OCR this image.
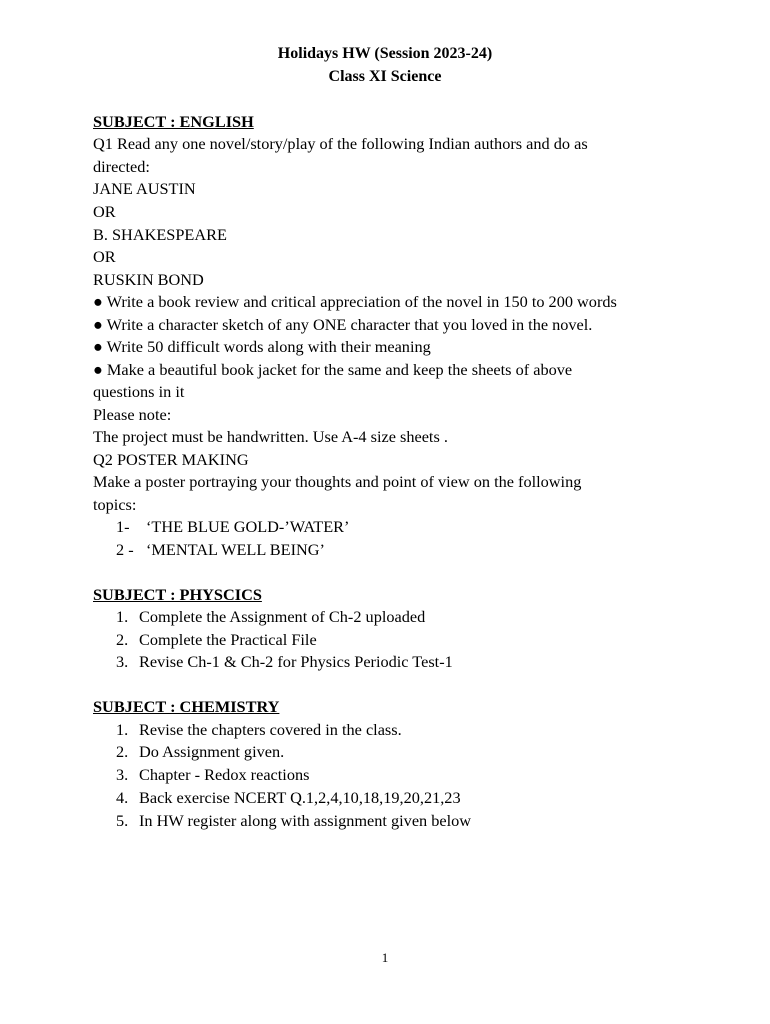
Holidays HW (Session 2023-24)
Class XI Science
SUBJECT : ENGLISH
Q1 Read any one novel/story/play of the following Indian authors and do as
directed:
JANE AUSTIN
OR
B. SHAKESPEARE
OR
RUSKIN BOND
● Write a book review and critical appreciation of the novel in 150 to 200 words
● Write a character sketch of any ONE character that you loved in the novel.
● Write 50 difficult words along with their meaning
● Make a beautiful book jacket for the same and keep the sheets of above
questions in it
Please note:
The project must be handwritten. Use A-4 size sheets .
Q2 POSTER MAKING
Make a poster portraying your thoughts and point of view on the following
topics:
1- ‘THE BLUE GOLD-’WATER’
2 - ‘MENTAL WELL BEING’
SUBJECT : PHYSCICS
1. Complete the Assignment of Ch-2 uploaded
2. Complete the Practical File
3. Revise Ch-1 & Ch-2 for Physics Periodic Test-1
SUBJECT : CHEMISTRY
1. Revise the chapters covered in the class.
2. Do Assignment given.
3. Chapter - Redox reactions
4. Back exercise NCERT Q.1,2,4,10,18,19,20,21,23
5. In HW register along with assignment given below
1
